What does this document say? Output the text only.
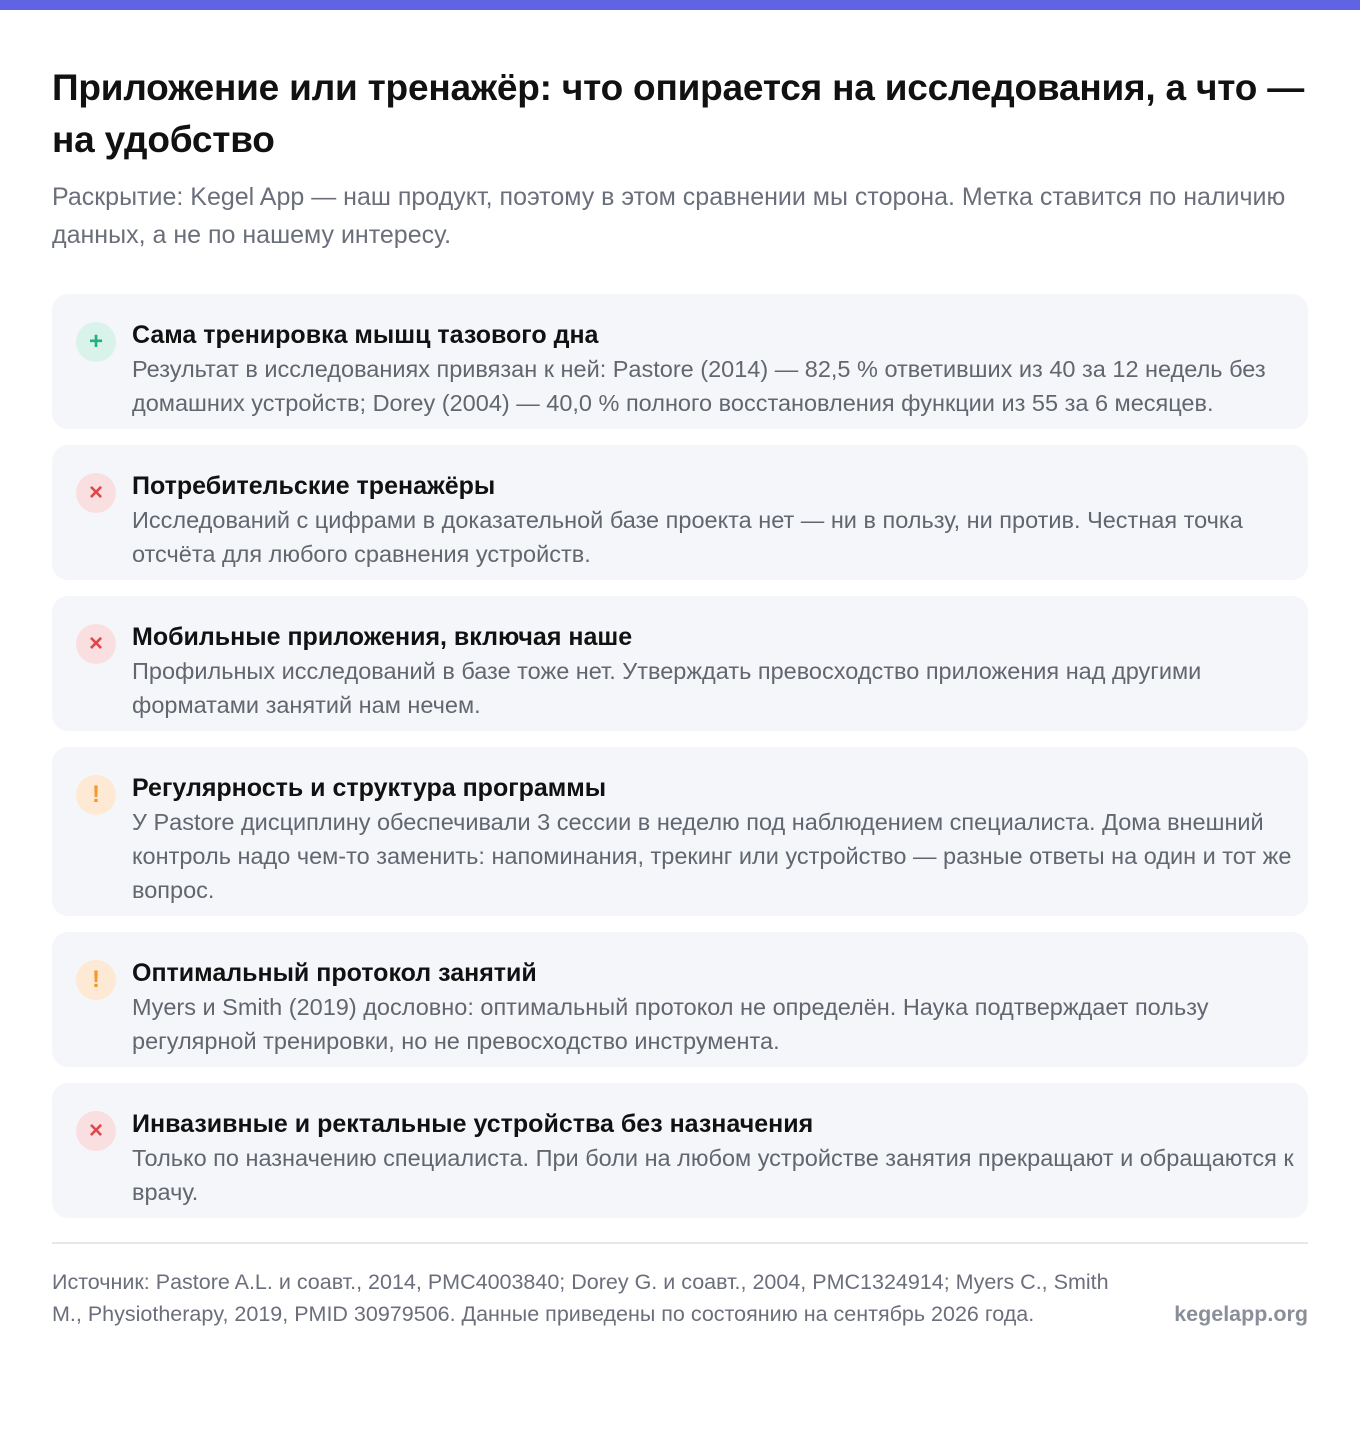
Приложение или тренажёр: что опирается на исследования, а что — на удобство

Раскрытие: Kegel App — наш продукт, поэтому в этом сравнении мы сторона. Метка ставится по наличию данных, а не по нашему интересу.

+	Сама тренировка мышц тазового дна
Результат в исследованиях привязан к ней: Pastore (2014) — 82,5 % ответивших из 40 за 12 недель без домашних устройств; Dorey (2004) — 40,0 % полного восстановления функции из 55 за 6 месяцев.
×	Потребительские тренажёры
Исследований с цифрами в доказательной базе проекта нет — ни в пользу, ни против. Честная точка отсчёта для любого сравнения устройств.
×	Мобильные приложения, включая наше
Профильных исследований в базе тоже нет. Утверждать превосходство приложения над другими форматами занятий нам нечем.
!	Регулярность и структура программы
У Pastore дисциплину обеспечивали 3 сессии в неделю под наблюдением специалиста. Дома внешний контроль надо чем-то заменить: напоминания, трекинг или устройство — разные ответы на один и тот же вопрос.
!	Оптимальный протокол занятий
Myers и Smith (2019) дословно: оптимальный протокол не определён. Наука подтверждает пользу регулярной тренировки, но не превосходство инструмента.
×	Инвазивные и ректальные устройства без назначения
Только по назначению специалиста. При боли на любом устройстве занятия прекращают и обращаются к врачу.
Источник: Pastore A.L. и соавт., 2014, PMC4003840; Dorey G. и соавт., 2004, PMC1324914; Myers C., Smith M., Physiotherapy, 2019, PMID 30979506. Данные приведены по состоянию на сентябрь 2026 года.	kegelapp.org
